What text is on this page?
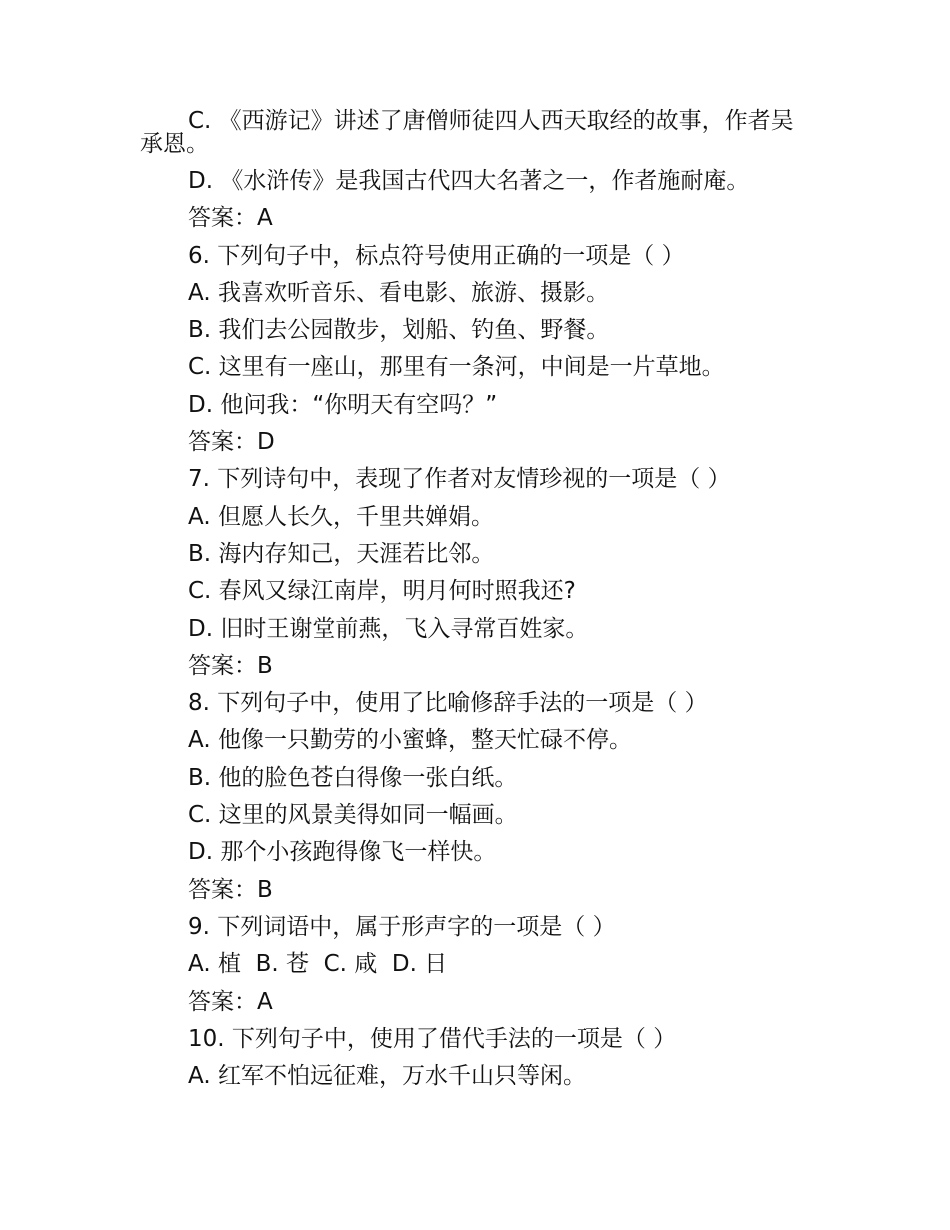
C. 《西游记》讲述了唐僧师徒四人西天取经的故事，作者吴承恩。
D. 《水浒传》是我国古代四大名著之一，作者施耐庵。
答案：A
6. 下列句子中，标点符号使用正确的一项是（ ）
A. 我喜欢听音乐、看电影、旅游、摄影。
B. 我们去公园散步，划船、钓鱼、野餐。
C. 这里有一座山，那里有一条河，中间是一片草地。
D. 他问我：“你明天有空吗？”
答案：D
7. 下列诗句中，表现了作者对友情珍视的一项是（ ）
A. 但愿人长久，千里共婵娟。
B. 海内存知己，天涯若比邻。
C. 春风又绿江南岸，明月何时照我还?
D. 旧时王谢堂前燕，飞入寻常百姓家。
答案：B
8. 下列句子中，使用了比喻修辞手法的一项是（ ）
A. 他像一只勤劳的小蜜蜂，整天忙碌不停。
B. 他的脸色苍白得像一张白纸。
C. 这里的风景美得如同一幅画。
D. 那个小孩跑得像飞一样快。
答案：B
9. 下列词语中，属于形声字的一项是（ ）
A. 植  B. 苍  C. 咸  D. 日
答案：A
10. 下列句子中，使用了借代手法的一项是（ ）
A. 红军不怕远征难，万水千山只等闲。
